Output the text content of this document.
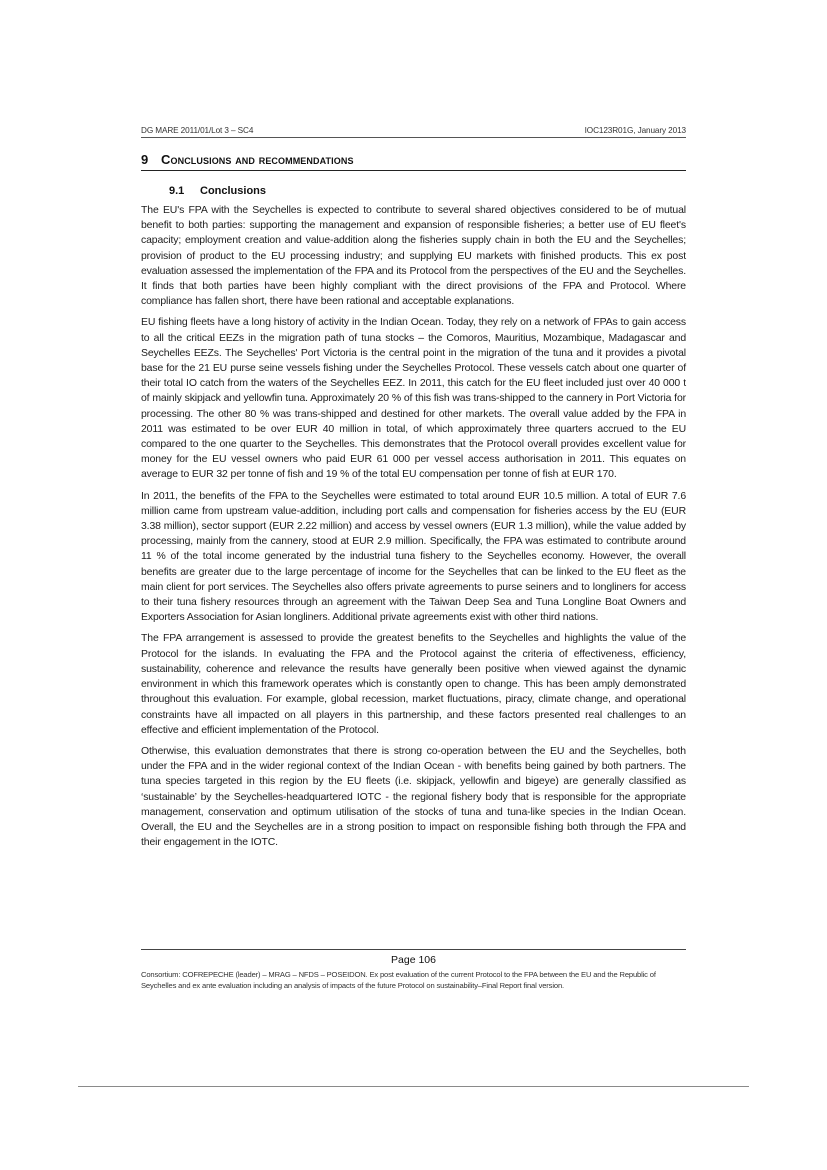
DG MARE 2011/01/Lot 3 – SC4	IOC123R01G, January 2013
9 Conclusions and recommendations
9.1 Conclusions

The EU's FPA with the Seychelles is expected to contribute to several shared objectives considered to be of mutual benefit to both parties: supporting the management and expansion of responsible fisheries; a better use of EU fleet's capacity; employment creation and value-addition along the fisheries supply chain in both the EU and the Seychelles; provision of product to the EU processing industry; and supplying EU markets with finished products. This ex post evaluation assessed the implementation of the FPA and its Protocol from the perspectives of the EU and the Seychelles. It finds that both parties have been highly compliant with the direct provisions of the FPA and Protocol. Where compliance has fallen short, there have been rational and acceptable explanations.

EU fishing fleets have a long history of activity in the Indian Ocean. Today, they rely on a network of FPAs to gain access to all the critical EEZs in the migration path of tuna stocks – the Comoros, Mauritius, Mozambique, Madagascar and Seychelles EEZs. The Seychelles' Port Victoria is the central point in the migration of the tuna and it provides a pivotal base for the 21 EU purse seine vessels fishing under the Seychelles Protocol. These vessels catch about one quarter of their total IO catch from the waters of the Seychelles EEZ. In 2011, this catch for the EU fleet included just over 40 000 t of mainly skipjack and yellowfin tuna. Approximately 20 % of this fish was trans-shipped to the cannery in Port Victoria for processing. The other 80 % was trans-shipped and destined for other markets. The overall value added by the FPA in 2011 was estimated to be over EUR 40 million in total, of which approximately three quarters accrued to the EU compared to the one quarter to the Seychelles. This demonstrates that the Protocol overall provides excellent value for money for the EU vessel owners who paid EUR 61 000 per vessel access authorisation in 2011. This equates on average to EUR 32 per tonne of fish and 19 % of the total EU compensation per tonne of fish at EUR 170.

In 2011, the benefits of the FPA to the Seychelles were estimated to total around EUR 10.5 million. A total of EUR 7.6 million came from upstream value-addition, including port calls and compensation for fisheries access by the EU (EUR 3.38 million), sector support (EUR 2.22 million) and access by vessel owners (EUR 1.3 million), while the value added by processing, mainly from the cannery, stood at EUR 2.9 million. Specifically, the FPA was estimated to contribute around 11 % of the total income generated by the industrial tuna fishery to the Seychelles economy. However, the overall benefits are greater due to the large percentage of income for the Seychelles that can be linked to the EU fleet as the main client for port services. The Seychelles also offers private agreements to purse seiners and to longliners for access to their tuna fishery resources through an agreement with the Taiwan Deep Sea and Tuna Longline Boat Owners and Exporters Association for Asian longliners. Additional private agreements exist with other third nations.

The FPA arrangement is assessed to provide the greatest benefits to the Seychelles and highlights the value of the Protocol for the islands. In evaluating the FPA and the Protocol against the criteria of effectiveness, efficiency, sustainability, coherence and relevance the results have generally been positive when viewed against the dynamic environment in which this framework operates which is constantly open to change. This has been amply demonstrated throughout this evaluation. For example, global recession, market fluctuations, piracy, climate change, and operational constraints have all impacted on all players in this partnership, and these factors presented real challenges to an effective and efficient implementation of the Protocol.

Otherwise, this evaluation demonstrates that there is strong co-operation between the EU and the Seychelles, both under the FPA and in the wider regional context of the Indian Ocean - with benefits being gained by both partners. The tuna species targeted in this region by the EU fleets (i.e. skipjack, yellowfin and bigeye) are generally classified as ‘sustainable’ by the Seychelles-headquartered IOTC - the regional fishery body that is responsible for the appropriate management, conservation and optimum utilisation of the stocks of tuna and tuna-like species in the Indian Ocean. Overall, the EU and the Seychelles are in a strong position to impact on responsible fishing both through the FPA and their engagement in the IOTC.

Page 106
Consortium: COFREPECHE (leader) – MRAG – NFDS – POSEIDON. Ex post evaluation of the current Protocol to the FPA between the EU and the Republic of Seychelles and ex ante evaluation including an analysis of impacts of the future Protocol on sustainability–Final Report final version.
